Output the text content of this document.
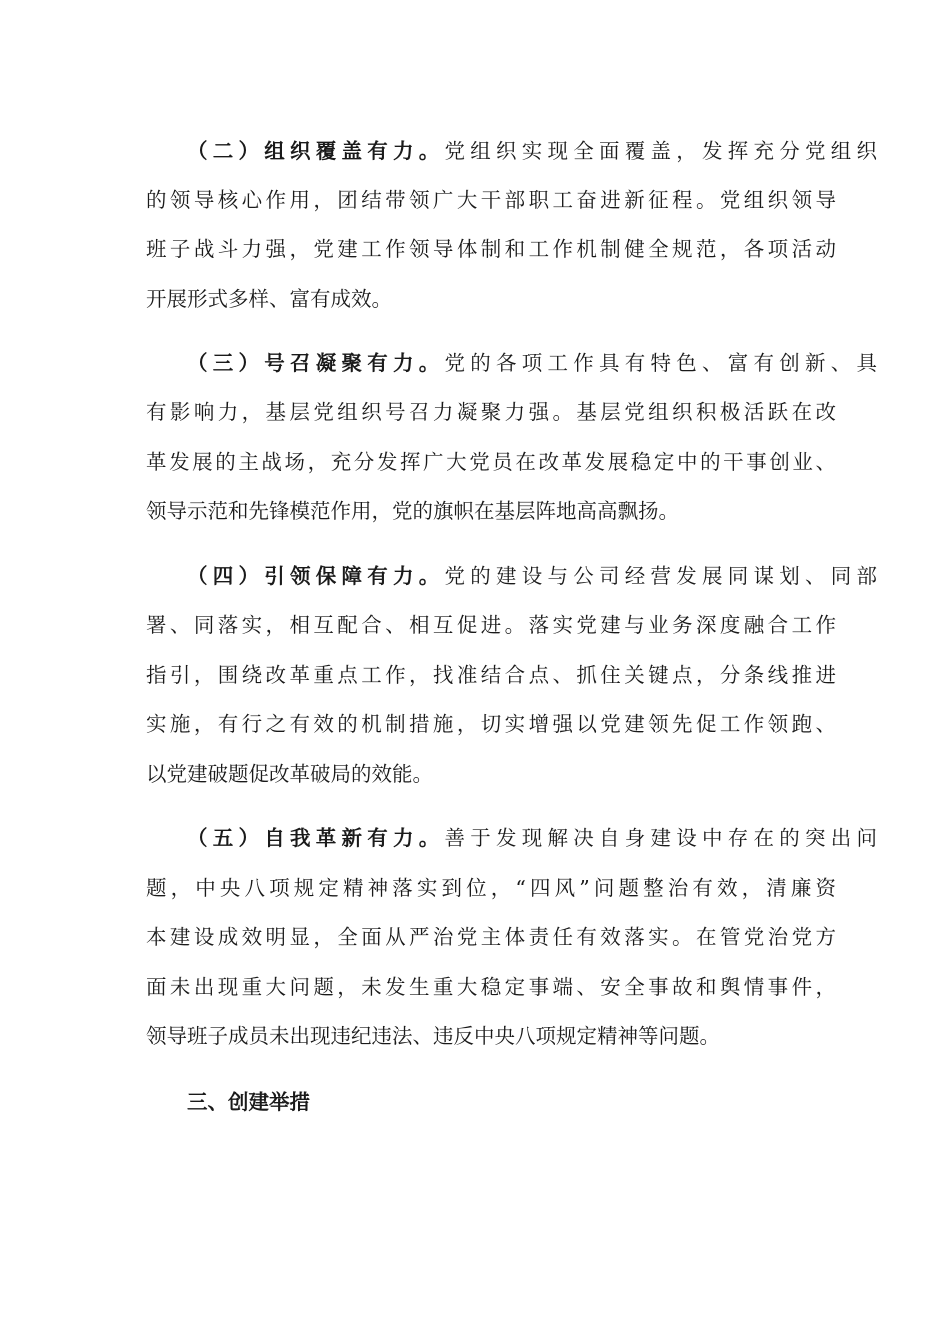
（二）组织覆盖有力。党组织实现全面覆盖，发挥充分党组织
的领导核心作用，团结带领广大干部职工奋进新征程。党组织领导
班子战斗力强，党建工作领导体制和工作机制健全规范，各项活动
开展形式多样、富有成效。
（三）号召凝聚有力。党的各项工作具有特色、富有创新、具
有影响力，基层党组织号召力凝聚力强。基层党组织积极活跃在改
革发展的主战场，充分发挥广大党员在改革发展稳定中的干事创业、
领导示范和先锋模范作用，党的旗帜在基层阵地高高飘扬。
（四）引领保障有力。党的建设与公司经营发展同谋划、同部
署、同落实，相互配合、相互促进。落实党建与业务深度融合工作
指引，围绕改革重点工作，找准结合点、抓住关键点，分条线推进
实施，有行之有效的机制措施，切实增强以党建领先促工作领跑、
以党建破题促改革破局的效能。
（五）自我革新有力。善于发现解决自身建设中存在的突出问
题，中央八项规定精神落实到位，“四风”问题整治有效，清廉资
本建设成效明显，全面从严治党主体责任有效落实。在管党治党方
面未出现重大问题，未发生重大稳定事端、安全事故和舆情事件，
领导班子成员未出现违纪违法、违反中央八项规定精神等问题。
三、创建举措
